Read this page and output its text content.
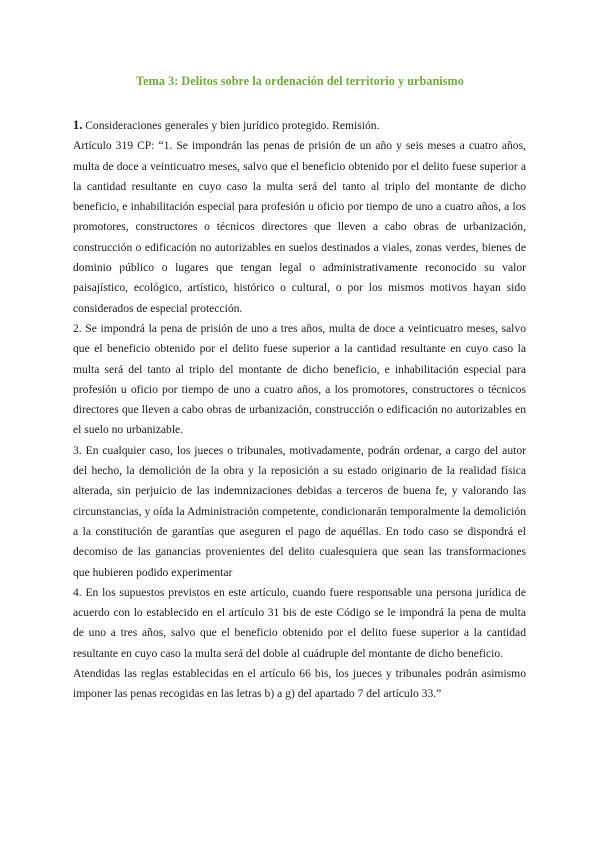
Tema 3: Delitos sobre la ordenación del territorio y urbanismo

1. Consideraciones generales y bien jurídico protegido. Remisión.

Artículo 319 CP: “1. Se impondrán las penas de prisión de un año y seis meses a cuatro años, multa de doce a veinticuatro meses, salvo que el beneficio obtenido por el delito fuese superior a la cantidad resultante en cuyo caso la multa será del tanto al triplo del montante de dicho beneficio, e inhabilitación especial para profesión u oficio por tiempo de uno a cuatro años, a los promotores, constructores o técnicos directores que lleven a cabo obras de urbanización, construcción o edificación no autorizables en suelos destinados a viales, zonas verdes, bienes de dominio público o lugares que tengan legal o administrativamente reconocido su valor paisajístico, ecológico, artístico, histórico o cultural, o por los mismos motivos hayan sido considerados de especial protección.

2. Se impondrá la pena de prisión de uno a tres años, multa de doce a veinticuatro meses, salvo que el beneficio obtenido por el delito fuese superior a la cantidad resultante en cuyo caso la multa será del tanto al triplo del montante de dicho beneficio, e inhabilitación especial para profesión u oficio por tiempo de uno a cuatro años, a los promotores, constructores o técnicos directores que lleven a cabo obras de urbanización, construcción o edificación no autorizables en el suelo no urbanizable.

3. En cualquier caso, los jueces o tribunales, motivadamente, podrán ordenar, a cargo del autor del hecho, la demolición de la obra y la reposición a su estado originario de la realidad física alterada, sin perjuicio de las indemnizaciones debidas a terceros de buena fe, y valorando las circunstancias, y oída la Administración competente, condicionarán temporalmente la demolición a la constitución de garantías que aseguren el pago de aquéllas. En todo caso se dispondrá el decomiso de las ganancias provenientes del delito cualesquiera que sean las transformaciones que hubieren podido experimentar

4. En los supuestos previstos en este artículo, cuando fuere responsable una persona jurídica de acuerdo con lo establecido en el artículo 31 bis de este Código se le impondrá la pena de multa de uno a tres años, salvo que el beneficio obtenido por el delito fuese superior a la cantidad resultante en cuyo caso la multa será del doble al cuádruple del montante de dicho beneficio.

Atendidas las reglas establecidas en el artículo 66 bis, los jueces y tribunales podrán asimismo imponer las penas recogidas en las letras b) a g) del apartado 7 del artículo 33.”
